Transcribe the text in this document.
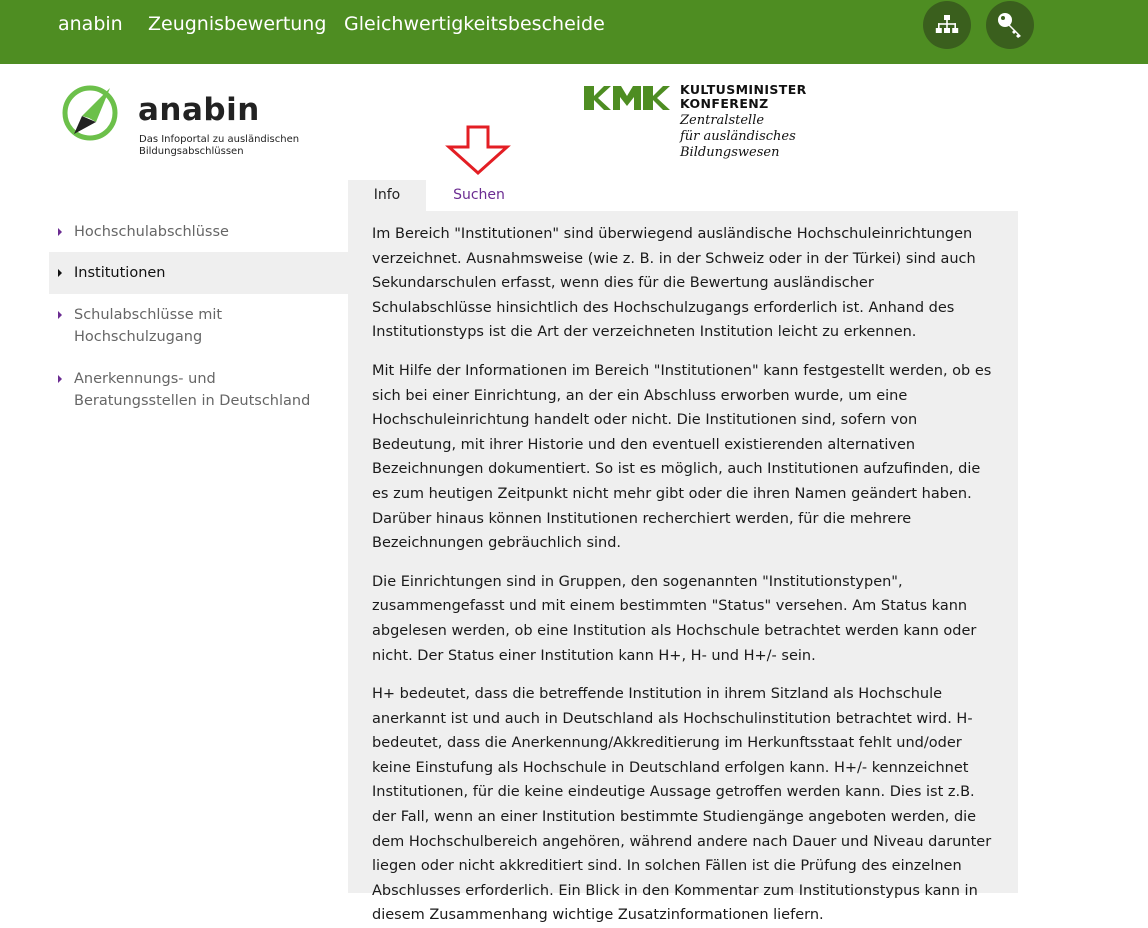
anabin Zeugnisbewertung Gleichwertigkeitsbescheide
anabin
Das Infoportal zu ausländischen
Bildungsabschlüssen
KULTUSMINISTER
KONFERENZ
Zentralstelle
für ausländisches
Bildungswesen
Info	Suchen
Hochschulabschlüsse
Institutionen
Schulabschlüsse mit Hochschulzugang
Anerkennungs- und Beratungsstellen in Deutschland

Im Bereich "Institutionen" sind überwiegend ausländische Hochschuleinrichtungen verzeichnet. Ausnahmsweise (wie z. B. in der Schweiz oder in der Türkei) sind auch Sekundarschulen erfasst, wenn dies für die Bewertung ausländischer Schulabschlüsse hinsichtlich des Hochschulzugangs erforderlich ist. Anhand des Institutionstyps ist die Art der verzeichneten Institution leicht zu erkennen.

Mit Hilfe der Informationen im Bereich "Institutionen" kann festgestellt werden, ob es sich bei einer Einrichtung, an der ein Abschluss erworben wurde, um eine Hochschuleinrichtung handelt oder nicht. Die Institutionen sind, sofern von Bedeutung, mit ihrer Historie und den eventuell existierenden alternativen Bezeichnungen dokumentiert. So ist es möglich, auch Institutionen aufzufinden, die es zum heutigen Zeitpunkt nicht mehr gibt oder die ihren Namen geändert haben. Darüber hinaus können Institutionen recherchiert werden, für die mehrere Bezeichnungen gebräuchlich sind.

Die Einrichtungen sind in Gruppen, den sogenannten "Institutionstypen", zusammengefasst und mit einem bestimmten "Status" versehen. Am Status kann abgelesen werden, ob eine Institution als Hochschule betrachtet werden kann oder nicht. Der Status einer Institution kann H+, H- und H+/- sein.

H+ bedeutet, dass die betreffende Institution in ihrem Sitzland als Hochschule anerkannt ist und auch in Deutschland als Hochschulinstitution betrachtet wird. H- bedeutet, dass die Anerkennung/Akkreditierung im Herkunftsstaat fehlt und/oder keine Einstufung als Hochschule in Deutschland erfolgen kann. H+/- kennzeichnet Institutionen, für die keine eindeutige Aussage getroffen werden kann. Dies ist z.B. der Fall, wenn an einer Institution bestimmte Studiengänge angeboten werden, die dem Hochschulbereich angehören, während andere nach Dauer und Niveau darunter liegen oder nicht akkreditiert sind. In solchen Fällen ist die Prüfung des einzelnen Abschlusses erforderlich. Ein Blick in den Kommentar zum Institutionstypus kann in diesem Zusammenhang wichtige Zusatzinformationen liefern.
